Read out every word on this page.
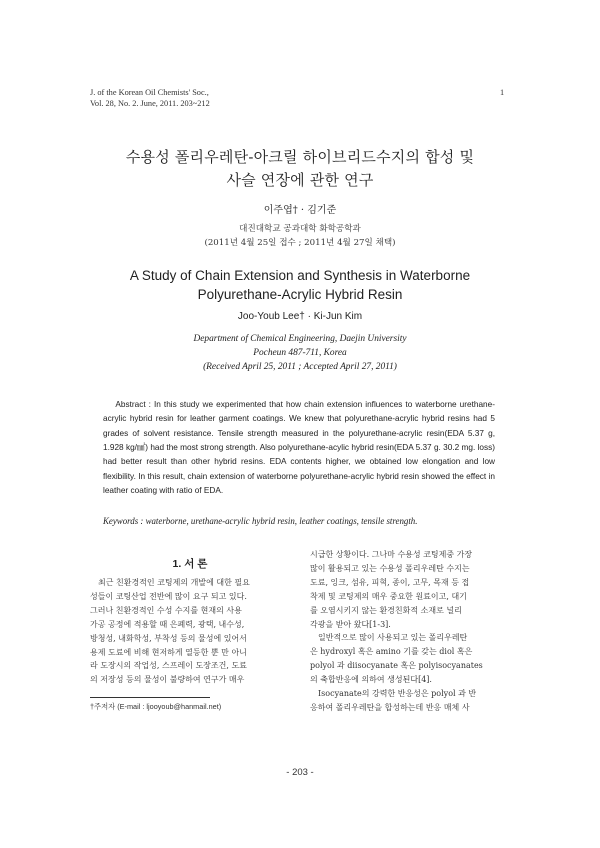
J. of the Korean Oil Chemists' Soc.,
Vol. 28, No. 2. June, 2011. 203~212
1
수용성 폴리우레탄-아크릴 하이브리드수지의 합성 및
사슬 연장에 관한 연구
이주엽† · 김기준
대진대학교 공과대학 화학공학과
(2011년 4월 25일 접수 ; 2011년 4월 27일 채택)
A Study of Chain Extension and Synthesis in Waterborne
Polyurethane-Acrylic Hybrid Resin
Joo-Youb Lee† · Ki-Jun Kim
Department of Chemical Engineering, Daejin University
Pocheun 487-711, Korea
(Received April 25, 2011 ; Accepted April 27, 2011)

Abstract : In this study we experimented that how chain extension influences to waterborne urethane-acrylic hybrid resin for leather garment coatings. We knew that polyurethane-acrylic hybrid resins had 5 grades of solvent resistance. Tensile strength measured in the polyurethane-acrylic resin(EDA 5.37 g, 1.928 kg/㎟) had the most strong strength. Also polyurethane-acylic hybrid resin(EDA 5.37 g. 30.2 mg. loss) had better result than other hybrid resins. EDA contents higher, we obtained low elongation and low flexibility. In this result, chain extension of waterborne polyurethane-acrylic hybrid resin showed the effect in leather coating with ratio of EDA.

Keywords : waterborne, urethane-acrylic hybrid resin, leather coatings, tensile strength.
1. 서 론
최근 친환경적인 코팅제의 개발에 대한 필요
성들이 코팅산업 전반에 많이 요구 되고 있다.
그러나 친환경적인 수성 수지를 현재의 사용
가공 공정에 적용할 때 은폐력, 광택, 내수성,
방청성, 내화학성, 부착성 등의 물성에 있어서
용제 도료에 비해 현저하게 열등한 뿐 만 아니
라 도장시의 작업성, 스프레이 도장조건, 도료
의 저장성 등의 물성이 불량하여 연구가 매우
시급한 상황이다. 그나마 수용성 코팅제중 가장
많이 활용되고 있는 수용성 폴리우레탄 수지는
도료, 잉크, 섬유, 피혁, 종이, 고무, 목재 등 접
착제 및 코팅제의 매우 중요한 원료이고, 대기
를 오염시키지 않는 환경친화적 소재로 널리
각광을 받아 왔다[1-3].
일반적으로 많이 사용되고 있는 폴리우레탄
은 hydroxyl 혹은 amino 기를 갖는 diol 혹은
polyol 과 diisocyanate 혹은 polyisocyanates
의 축합반응에 의하여 생성된다[4].
Isocyanate의 강력한 반응성은 polyol 과 반
응하여 폴리우레탄을 합성하는데 반응 매체 사
†주저자 (E-mail : ljooyoub@hanmail.net)
- 203 -
